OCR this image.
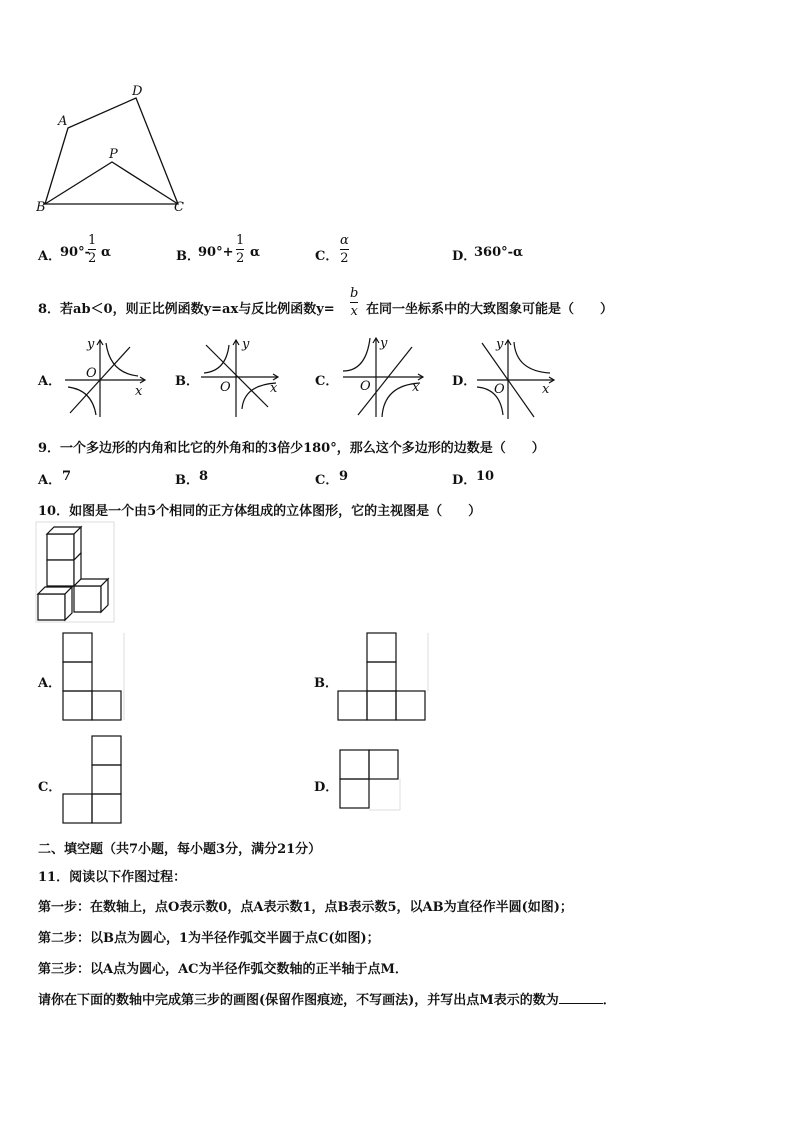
D
A
P
B	C
A．
90°-
1
2 α	B．
90°+
1
2 α	C．
α
2	D．
360°-α
8．若ab＜0，则正比例函数y=ax与反比例函数y=
b
x 在同一坐标系中的大致图象可能是（　　）
A．
y
O
x
B．
y
O	x	C．
y
O	x	D．
y
O	x
9．一个多边形的内角和比它的外角和的3倍少180°，那么这个多边形的边数是（　　）
A． 7	B． 8	C． 9	D． 10
10．如图是一个由5个相同的正方体组成的立体图形，它的主视图是（　　）
A．	B．
C．	D．
二、填空题（共7小题，每小题3分，满分21分）
11．阅读以下作图过程：
第一步：在数轴上，点O表示数0，点A表示数1，点B表示数5，以AB为直径作半圆(如图)；
第二步：以B点为圆心，1为半径作弧交半圆于点C(如图)；
第三步：以A点为圆心，AC为半径作弧交数轴的正半轴于点M．
请你在下面的数轴中完成第三步的画图(保留作图痕迹，不写画法)，并写出点M表示的数为	．
